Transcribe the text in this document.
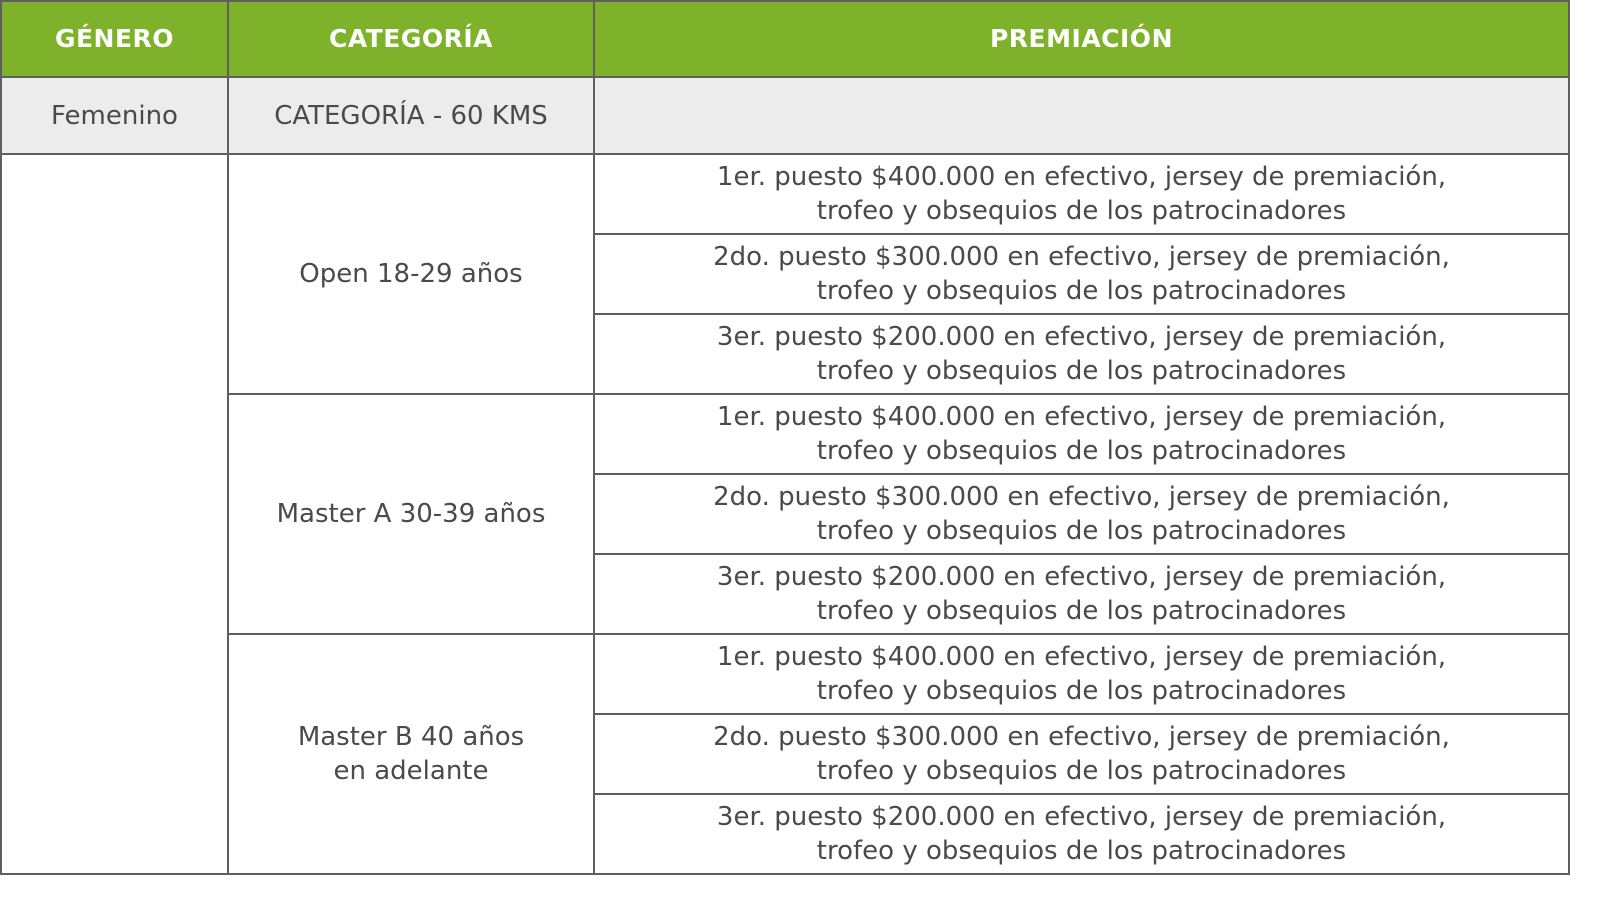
GÉNERO	CATEGORÍA	PREMIACIÓN
Femenino	CATEGORÍA - 60 KMS	

	Open 18-29 años	1er. puesto $400.000 en efectivo, jersey de premiación,
trofeo y obsequios de los patrocinadores

		2do. puesto $300.000 en efectivo, jersey de premiación,
trofeo y obsequios de los patrocinadores

		3er. puesto $200.000 en efectivo, jersey de premiación,
trofeo y obsequios de los patrocinadores

	Master A 30-39 años	1er. puesto $400.000 en efectivo, jersey de premiación,
trofeo y obsequios de los patrocinadores

		2do. puesto $300.000 en efectivo, jersey de premiación,
trofeo y obsequios de los patrocinadores

		3er. puesto $200.000 en efectivo, jersey de premiación,
trofeo y obsequios de los patrocinadores

	Master B 40 años
en adelante	1er. puesto $400.000 en efectivo, jersey de premiación,
trofeo y obsequios de los patrocinadores

		2do. puesto $300.000 en efectivo, jersey de premiación,
trofeo y obsequios de los patrocinadores

		3er. puesto $200.000 en efectivo, jersey de premiación,
trofeo y obsequios de los patrocinadores
